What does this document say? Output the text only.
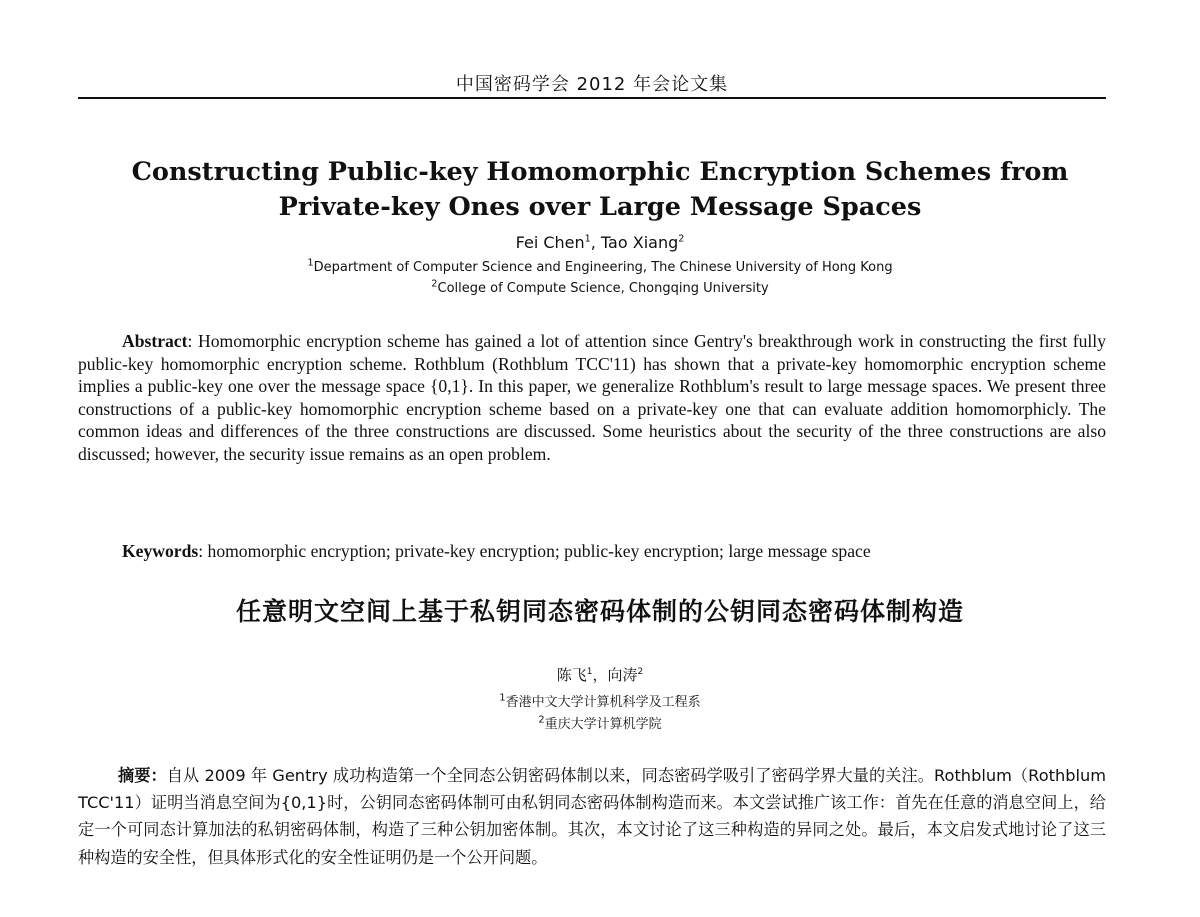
中国密码学会 2012 年会论文集
Constructing Public-key Homomorphic Encryption Schemes from
Private-key Ones over Large Message Spaces
Fei Chen$^1$, Tao Xiang$^2$
$^1$Department of Computer Science and Engineering, The Chinese University of Hong Kong
$^2$College of Compute Science, Chongqing University

Abstract: Homomorphic encryption scheme has gained a lot of attention since Gentry's breakthrough work in constructing the first fully public-key homomorphic encryption scheme. Rothblum (Rothblum TCC'11) has shown that a private-key homomorphic encryption scheme implies a public-key one over the message space {0,1}. In this paper, we generalize Rothblum's result to large message spaces. We present three constructions of a public-key homomorphic encryption scheme based on a private-key one that can evaluate addition homomorphicly. The common ideas and differences of the three constructions are discussed. Some heuristics about the security of the three constructions are also discussed; however, the security issue remains as an open problem.

Keywords: homomorphic encryption; private-key encryption; public-key encryption; large message space

任意明文空间上基于私钥同态密码体制的公钥同态密码体制构造
陈飞$^1$，向涛$^2$
$^1$香港中文大学计算机科学及工程系
$^2$重庆大学计算机学院

摘要：自从 2009 年 Gentry 成功构造第一个全同态公钥密码体制以来，同态密码学吸引了密码学界大量的关注。Rothblum（Rothblum TCC'11）证明当消息空间为{0,1}时，公钥同态密码体制可由私钥同态密码体制构造而来。本文尝试推广该工作：首先在任意的消息空间上，给定一个可同态计算加法的私钥密码体制，构造了三种公钥加密体制。其次，本文讨论了这三种构造的异同之处。最后，本文启发式地讨论了这三种构造的安全性，但具体形式化的安全性证明仍是一个公开问题。
